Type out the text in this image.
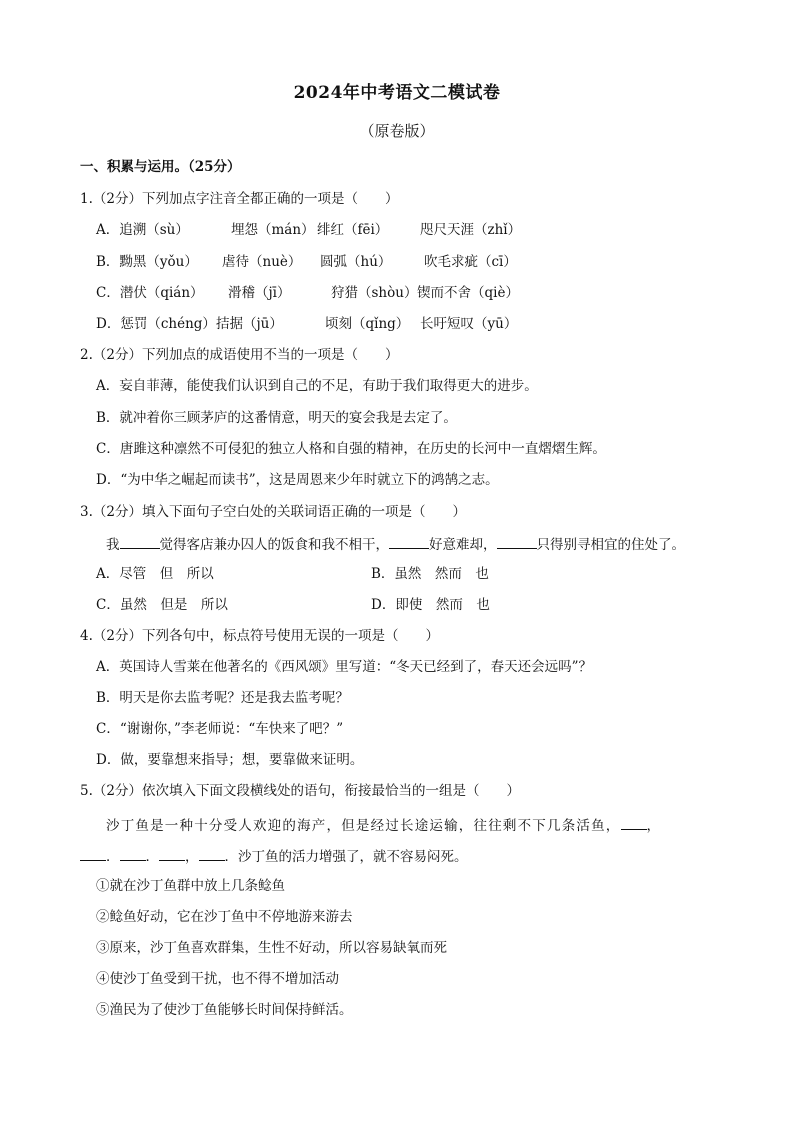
2024年中考语文二模试卷
（原卷版）
一、积累与运用。（25分）
1.（2分）下列加点字注音全都正确的一项是（　　）
A．追溯（sù）	埋怨（mán） 绯红（fēi） 咫尺天涯（zhǐ）
B．黝黑（yǒu） 虐待（nuè） 圆弧（hú） 吹毛求疵（cī）
C．潜伏（qián） 滑稽（jī）	狩猎（shòu）锲而不舍（qiè）
D．惩罚（chéng）拮据（jū）	顷刻（qǐng） 长吁短叹（yū）
2.（2分）下列加点的成语使用不当的一项是（　　）
A．妄自菲薄，能使我们认识到自己的不足，有助于我们取得更大的进步。
B．就冲着你三顾茅庐的这番情意，明天的宴会我是去定了。
C．唐雎这种凛然不可侵犯的独立人格和自强的精神，在历史的长河中一直熠熠生辉。
D．“为中华之崛起而读书”，这是周恩来少年时就立下的鸿鹄之志。
3.（2分）填入下面句子空白处的关联词语正确的一项是（　　）
我	觉得客店兼办囚人的饭食和我不相干，	好意难却，	只得别寻相宜的住处了。
A．尽管　但　所以	B．虽然　然而　也
C．虽然　但是　所以	D．即使　然而　也
4.（2分）下列各句中，标点符号使用无误的一项是（　　）
A．英国诗人雪莱在他著名的《西风颂》里写道：“冬天已经到了，春天还会远吗”？
B．明天是你去监考呢？还是我去监考呢？
C．“谢谢你，”李老师说：“车快来了吧？”
D．做，要靠想来指导；想，要靠做来证明。
5.（2分）依次填入下面文段横线处的语句，衔接最恰当的一组是（　　）
沙丁鱼是一种十分受人欢迎的海产，但是经过长途运输，往往剩不下几条活鱼， ，
． ． ， ．沙丁鱼的活力增强了，就不容易闷死。
①就在沙丁鱼群中放上几条鲶鱼
②鲶鱼好动，它在沙丁鱼中不停地游来游去
③原来，沙丁鱼喜欢群集，生性不好动，所以容易缺氧而死
④使沙丁鱼受到干扰，也不得不增加活动
⑤渔民为了使沙丁鱼能够长时间保持鲜活。
